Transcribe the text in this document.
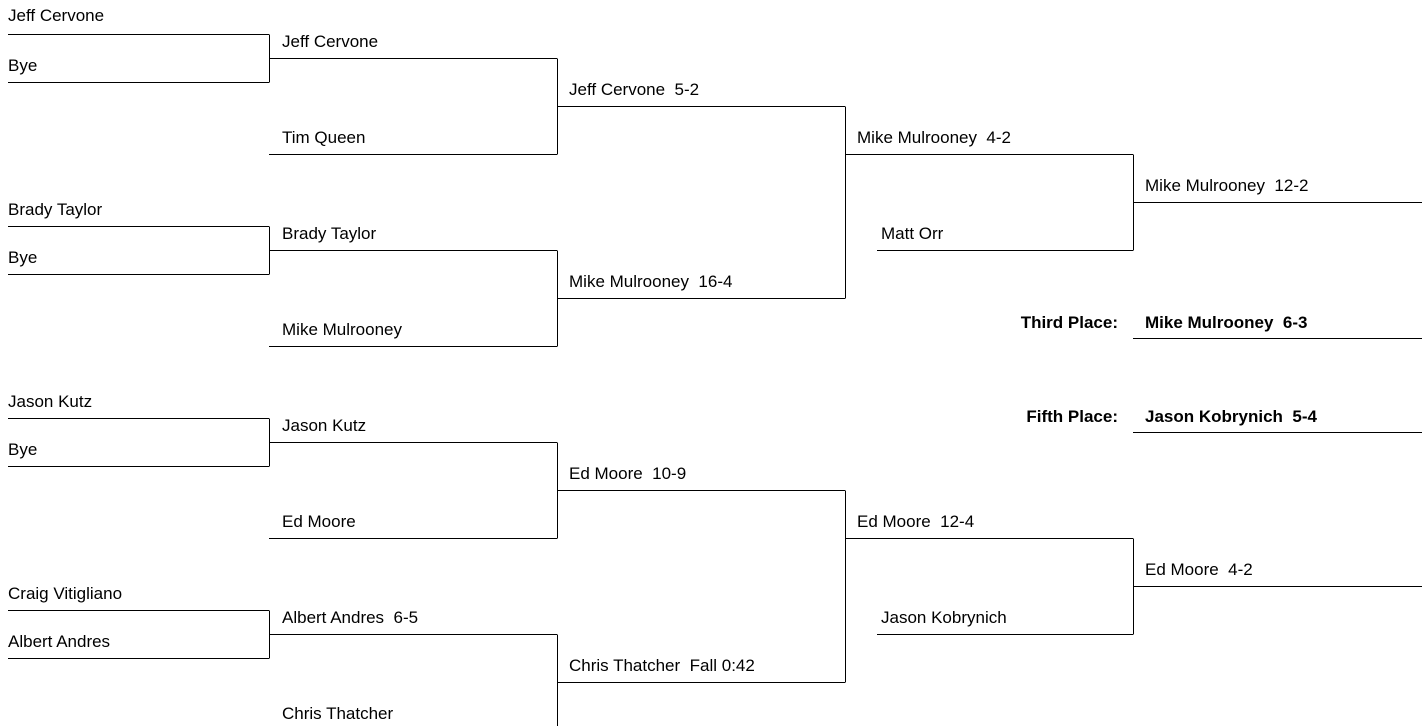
Jeff Cervone
Bye
Brady Taylor
Bye
Jason Kutz
Bye
Craig Vitigliano
Albert Andres
Jeff Cervone
Tim Queen
Brady Taylor
Mike Mulrooney
Jason Kutz
Ed Moore
Albert Andres  6-5
Chris Thatcher
Jeff Cervone  5-2
Mike Mulrooney  16-4
Ed Moore  10-9
Chris Thatcher  Fall 0:42
Mike Mulrooney  4-2
Matt Orr
Ed Moore  12-4
Jason Kobrynich
Mike Mulrooney  12-2
Ed Moore  4-2
Third Place: Mike Mulrooney  6-3
Fifth Place: Jason Kobrynich  5-4
